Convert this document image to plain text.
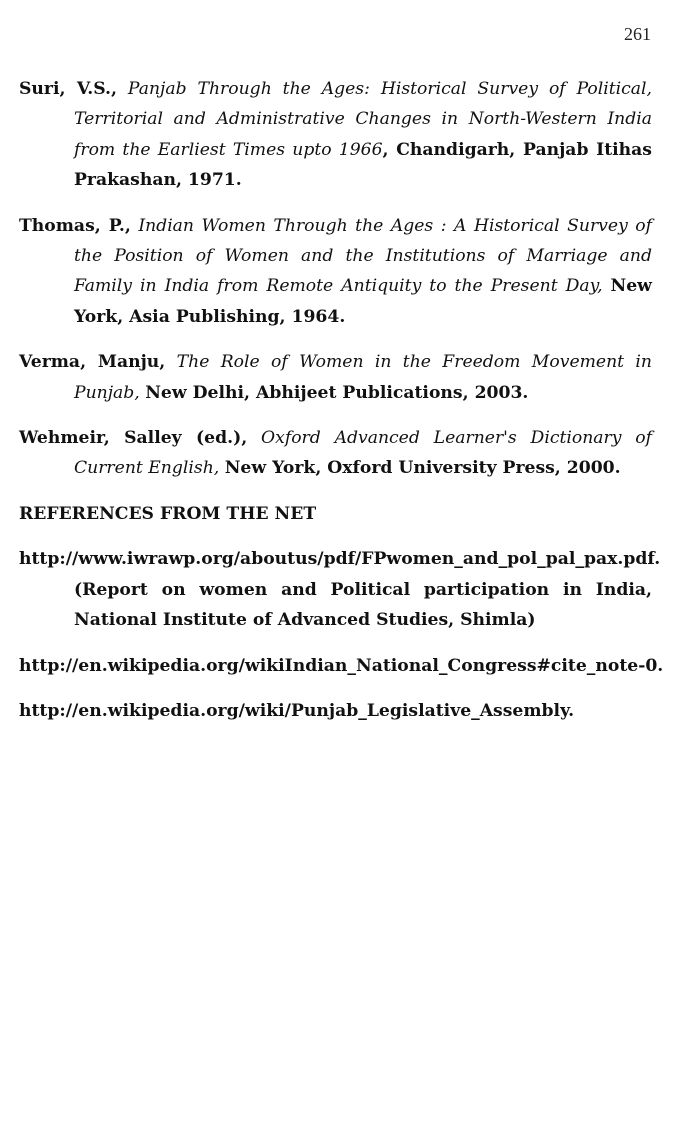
261

Suri, V.S., Panjab Through the Ages: Historical Survey of Political, Territorial and Administrative Changes in North-Western India from the Earliest Times upto 1966, Chandigarh, Panjab Itihas Prakashan, 1971.

Thomas, P., Indian Women Through the Ages : A Historical Survey of the Position of Women and the Institutions of Marriage and Family in India from Remote Antiquity to the Present Day, New York, Asia Publishing, 1964.

Verma, Manju, The Role of Women in the Freedom Movement in Punjab, New Delhi, Abhijeet Publications, 2003.

Wehmeir, Salley (ed.), Oxford Advanced Learner's Dictionary of Current English, New York, Oxford University Press, 2000.

REFERENCES FROM THE NET
http://www.iwrawp.org/aboutus/pdf/FPwomen_and_pol_pal_pax.pdf.
(Report on women and Political participation in India, National Institute of Advanced Studies, Shimla)
http://en.wikipedia.org/wikiIndian_National_Congress#cite_note-0.
http://en.wikipedia.org/wiki/Punjab_Legislative_Assembly.
